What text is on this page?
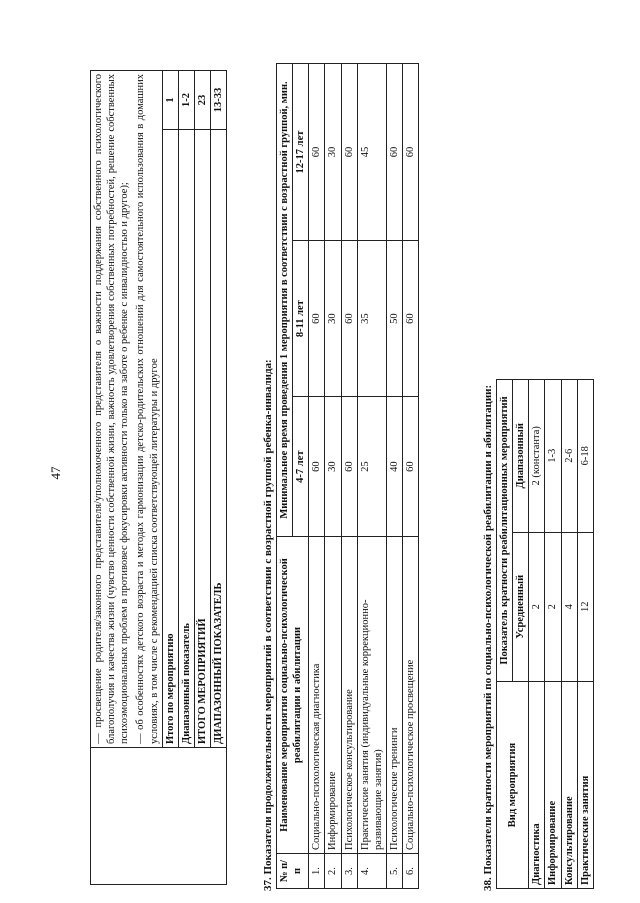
47

	— просвещение родителя/законного представителя/уполномоченного представителя о важности поддержания собственного психологического благополучия и качества жизни (чувство ценности собственной жизни, важность удовлетворения собственных потребностей, решение собственных психоэмоциональных проблем в противовес фокусировки активности только на заботе о ребенке с инвалидностью и другое); — об особенностях детского возраста и методах гармонизации детско-родительских отношений для самостоятельного использования в домашних условиях, в том числе с рекомендацией списка соответствующей литературы и другое	

	Итого по мероприятию	1
	Диапазонный показатель	1-2
	ИТОГО МЕРОПРИЯТИЙ	23
	ДИАПАЗОННЫЙ ПОКАЗАТЕЛЬ	13-33
37. Показатели продолжительности мероприятий в соответствии с возрастной группой ребенка-инвалида: № п/п	Наименование мероприятия социально-психологической реабилитации и абилитации	Минимальное время проведения 1 мероприятия в соответствии с возрастной группой, мин.		
		4-7 лет	8-11 лет	12-17 лет
1.	Социально-психологическая диагностика	60	60	60
2.	Информирование	30	30	30
3.	Психологическое консультирование	60	60	60
4.	Практические занятия (индивидуальные коррекционно-развивающие занятия)	25	35	45
5.	Психологические тренинги	40	50	60
6.	Социально-психологическое просвещение	60	60	60
38. Показатели кратности мероприятий по социально-психологической реабилитации и абилитации: Вид мероприятия	Показатель кратности реабилитационных мероприятий	
	Усредненный	Диапазонный
Диагностика	2	2 (константа)
Информирование	2	1-3
Консультирование	4	2-6
Практические занятия	12	6-18
